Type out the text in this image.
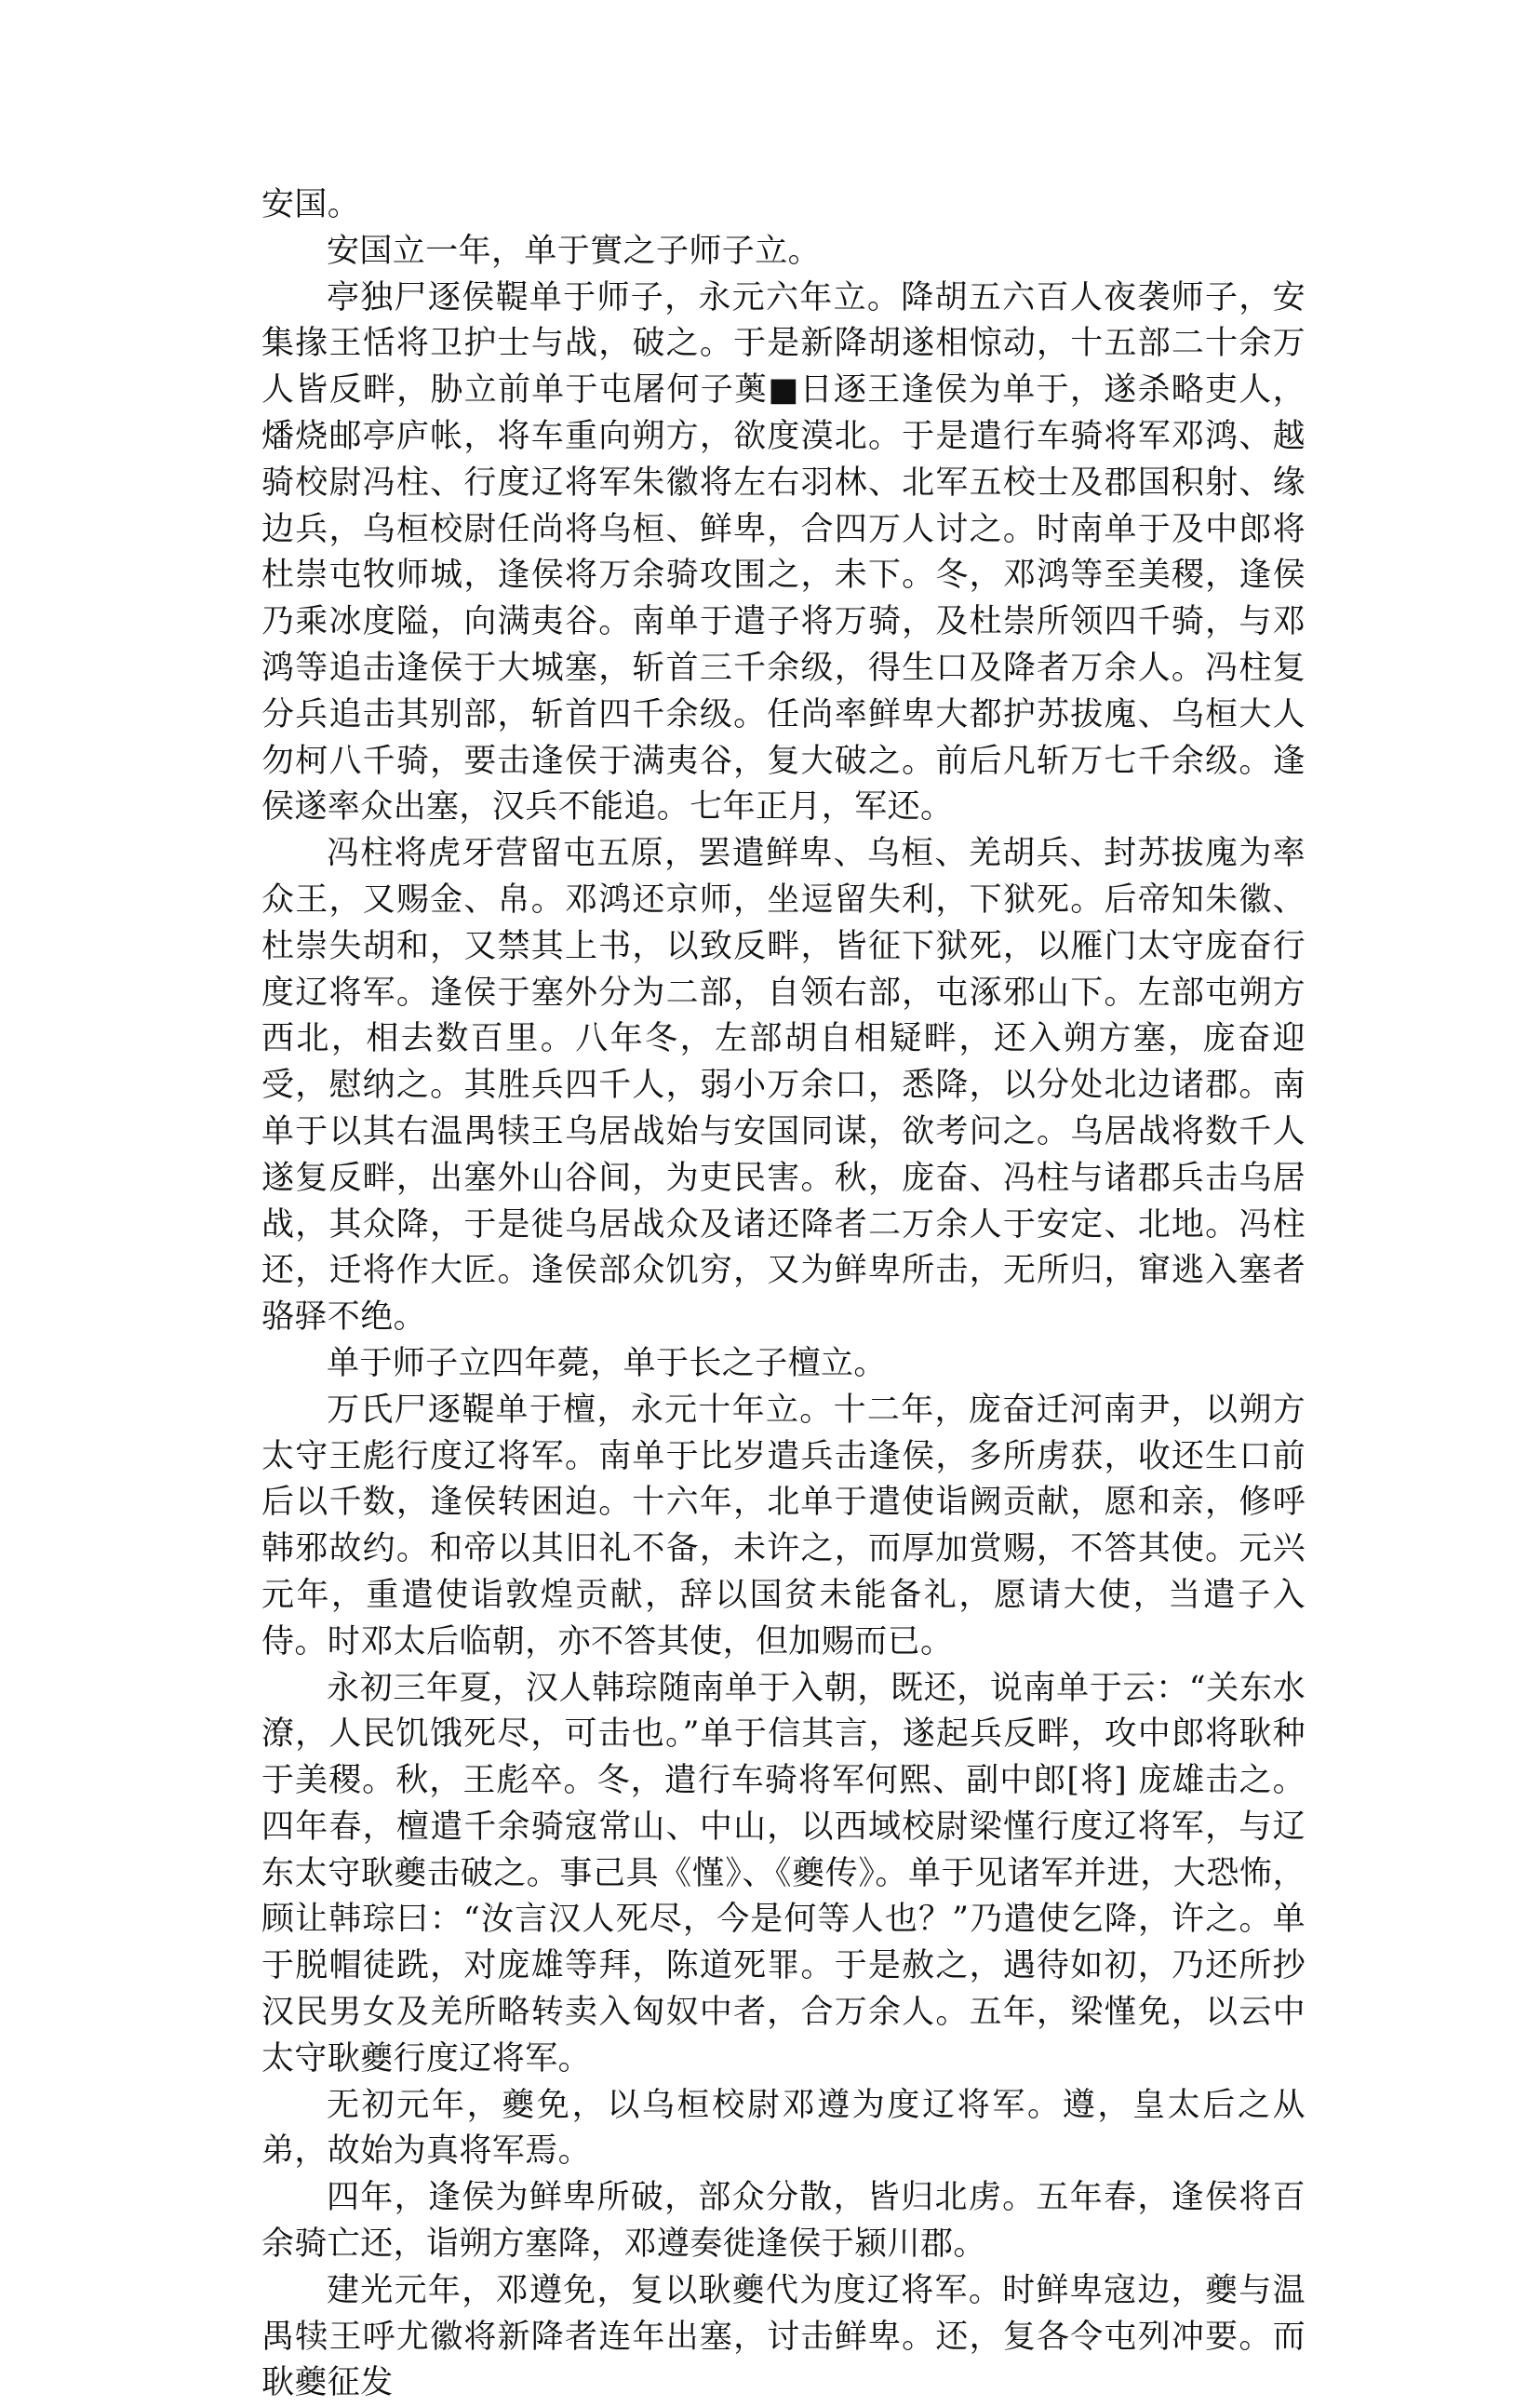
安国。

安国立一年，单于實之子师子立。

亭独尸逐侯鞮单于师子，永元六年立。降胡五六百人夜袭师子，安集掾王恬将卫护士与战，破之。于是新降胡遂相惊动，十五部二十余万人皆反畔，胁立前单于屯屠何子薁■日逐王逢侯为单于，遂杀略吏人，燔烧邮亭庐帐，将车重向朔方，欲度漠北。于是遣行车骑将军邓鸿、越骑校尉冯柱、行度辽将军朱徽将左右羽林、北军五校士及郡国积射、缘边兵，乌桓校尉任尚将乌桓、鲜卑，合四万人讨之。时南单于及中郎将杜崇屯牧师城，逢侯将万余骑攻围之，未下。冬，邓鸿等至美稷，逢侯乃乘冰度隘，向满夷谷。南单于遣子将万骑，及杜崇所领四千骑，与邓鸿等追击逢侯于大城塞，斩首三千余级，得生口及降者万余人。冯柱复分兵追击其别部，斩首四千余级。任尚率鲜卑大都护苏拔廆、乌桓大人勿柯八千骑，要击逢侯于满夷谷，复大破之。前后凡斩万七千余级。逢侯遂率众出塞，汉兵不能追。七年正月，军还。

冯柱将虎牙营留屯五原，罢遣鲜卑、乌桓、羌胡兵、封苏拔廆为率众王，又赐金、帛。邓鸿还京师，坐逗留失利，下狱死。后帝知朱徽、杜崇失胡和，又禁其上书，以致反畔，皆征下狱死，以雁门太守庞奋行度辽将军。逢侯于塞外分为二部，自领右部，屯涿邪山下。左部屯朔方西北，相去数百里。八年冬，左部胡自相疑畔，还入朔方塞，庞奋迎受，慰纳之。其胜兵四千人，弱小万余口，悉降，以分处北边诸郡。南单于以其右温禺犊王乌居战始与安国同谋，欲考问之。乌居战将数千人遂复反畔，出塞外山谷间，为吏民害。秋，庞奋、冯柱与诸郡兵击乌居战，其众降，于是徙乌居战众及诸还降者二万余人于安定、北地。冯柱还，迁将作大匠。逢侯部众饥穷，又为鲜卑所击，无所归，窜逃入塞者骆驿不绝。

单于师子立四年薨，单于长之子檀立。

万氏尸逐鞮单于檀，永元十年立。十二年，庞奋迁河南尹，以朔方太守王彪行度辽将军。南单于比岁遣兵击逢侯，多所虏获，收还生口前后以千数，逢侯转困迫。十六年，北单于遣使诣阙贡献，愿和亲，修呼韩邪故约。和帝以其旧礼不备，未许之，而厚加赏赐，不答其使。元兴元年，重遣使诣敦煌贡献，辞以国贫未能备礼，愿请大使，当遣子入侍。时邓太后临朝，亦不答其使，但加赐而已。

永初三年夏，汉人韩琮随南单于入朝，既还，说南单于云：“关东水潦，人民饥饿死尽，可击也。”单于信其言，遂起兵反畔，攻中郎将耿种于美稷。秋，王彪卒。冬，遣行车骑将军何熙、副中郎[将] 庞雄击之。四年春，檀遣千余骑寇常山、中山，以西域校尉梁慬行度辽将军，与辽东太守耿夔击破之。事己具《慬》、《夔传》。单于见诸军并进，大恐怖，顾让韩琮曰：“汝言汉人死尽，今是何等人也？”乃遣使乞降，许之。单于脱帽徒跣，对庞雄等拜，陈道死罪。于是赦之，遇待如初，乃还所抄汉民男女及羌所略转卖入匈奴中者，合万余人。五年，梁慬免，以云中太守耿夔行度辽将军。

无初元年，夔免，以乌桓校尉邓遵为度辽将军。遵，皇太后之从弟，故始为真将军焉。

四年，逢侯为鲜卑所破，部众分散，皆归北虏。五年春，逢侯将百余骑亡还，诣朔方塞降，邓遵奏徙逢侯于颍川郡。

建光元年，邓遵免，复以耿夔代为度辽将军。时鲜卑寇边，夔与温禺犊王呼尤徽将新降者连年出塞，讨击鲜卑。还，复各令屯列冲要。而耿夔征发
